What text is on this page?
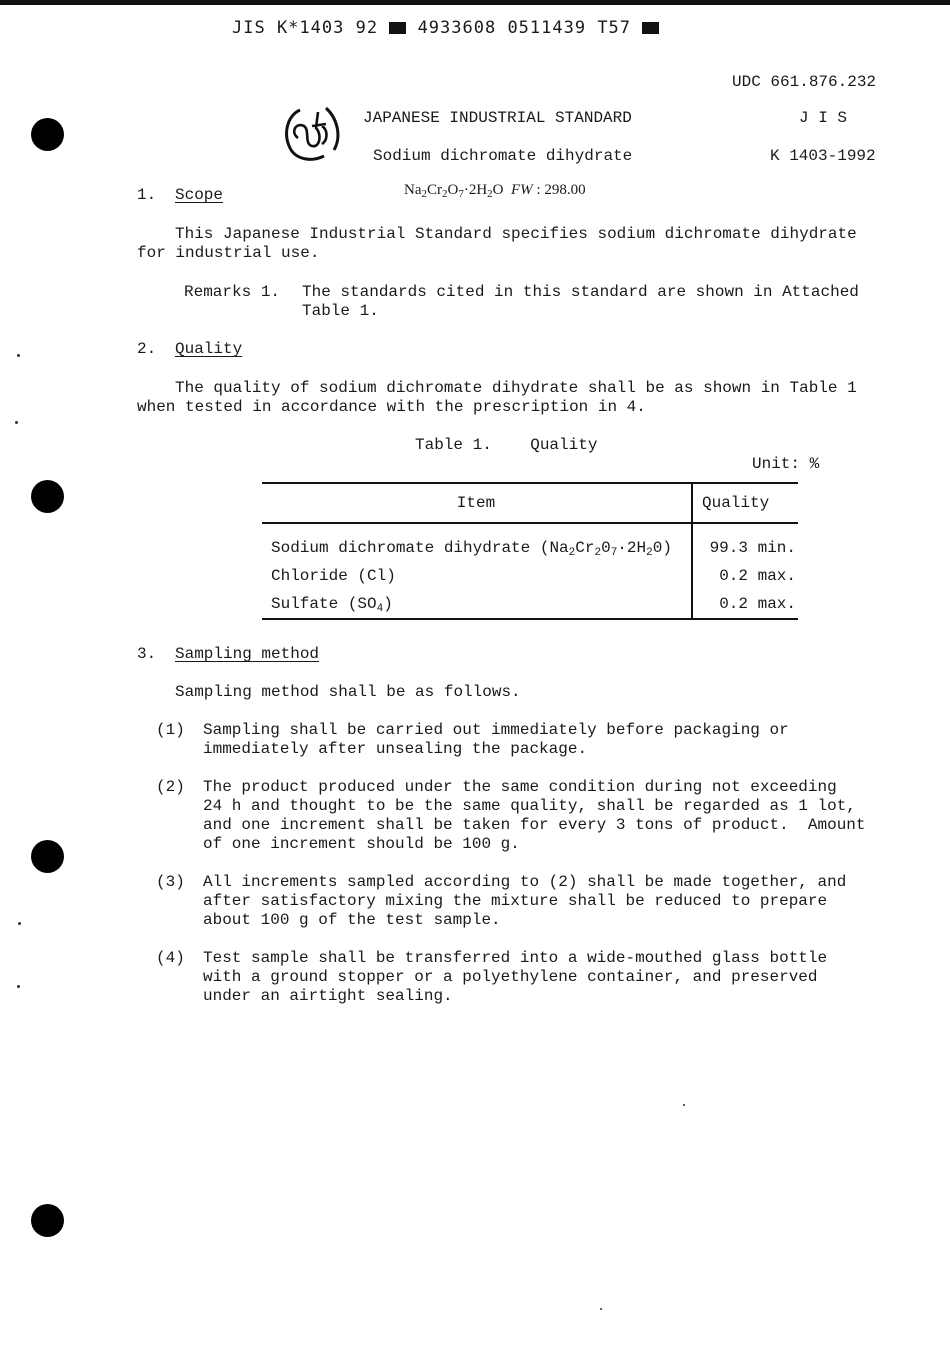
JIS K*1403 92 4933608 0511439 T57
UDC 661.876.232
JAPANESE INDUSTRIAL STANDARD	J I S
Sodium dichromate dihydrate	K 1403-1992
1. Scope	$Na_2Cr_2O_7\cdot 2H_2O$ FW : 298.00
This Japanese Industrial Standard specifies sodium dichromate dihydrate
for industrial use.
Remarks 1. The standards cited in this standard are shown in Attached
Table 1.
2. Quality
The quality of sodium dichromate dihydrate shall be as shown in Table 1
when tested in accordance with the prescription in 4.
Table 1.    Quality
Unit: %
Item	Quality
Sodium dichromate dihydrate $(Na_2Cr_20_7\cdot 2H_20)$	99.3 min.
Chloride (Cl)	0.2 max.
Sulfate $(SO_4)$	0.2 max.
3. Sampling method
Sampling method shall be as follows.
(1) Sampling shall be carried out immediately before packaging or
immediately after unsealing the package.
(2) The product produced under the same condition during not exceeding
24 h and thought to be the same quality, shall be regarded as 1 lot,
and one increment shall be taken for every 3 tons of product.  Amount
of one increment should be 100 g.
(3) All increments sampled according to (2) shall be made together, and
after satisfactory mixing the mixture shall be reduced to prepare
about 100 g of the test sample.
(4) Test sample shall be transferred into a wide-mouthed glass bottle
with a ground stopper or a polyethylene container, and preserved
under an airtight sealing.
